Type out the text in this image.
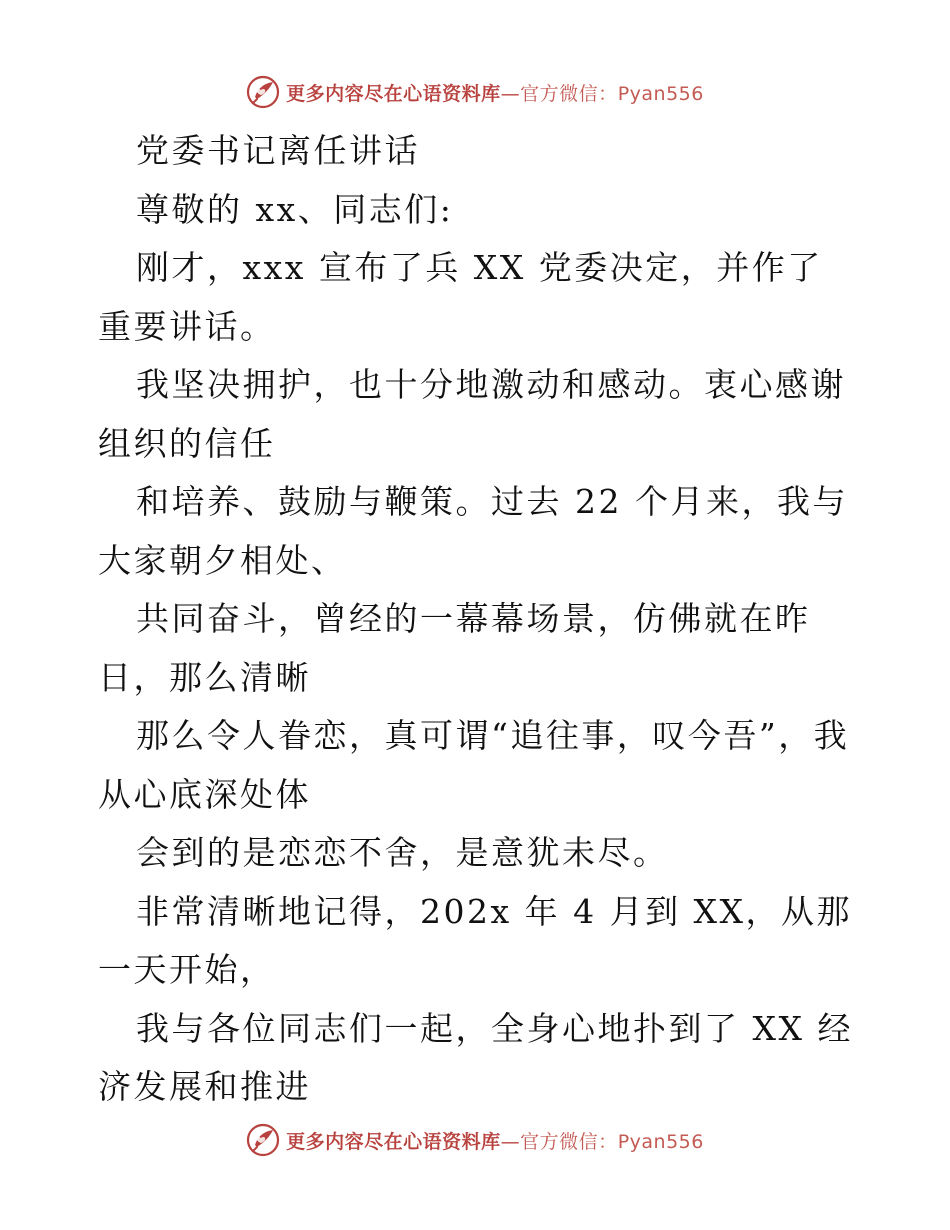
更多内容尽在心语资料库—官方微信：Pyan556

党委书记离任讲话

尊敬的 xx、同志们:

刚才，xxx 宣布了兵 XX 党委决定，并作了重要讲话。

我坚决拥护，也十分地激动和感动。衷心感谢组织的信任

和培养、鼓励与鞭策。过去 22 个月来，我与大家朝夕相处、

共同奋斗，曾经的一幕幕场景，仿佛就在昨日，那么清晰

那么令人眷恋，真可谓“追往事，叹今吾”，我从心底深处体

会到的是恋恋不舍，是意犹未尽。

非常清晰地记得，202x 年 4 月到 XX，从那一天开始，

我与各位同志们一起，全身心地扑到了 XX 经济发展和推进

更多内容尽在心语资料库—官方微信：Pyan556
